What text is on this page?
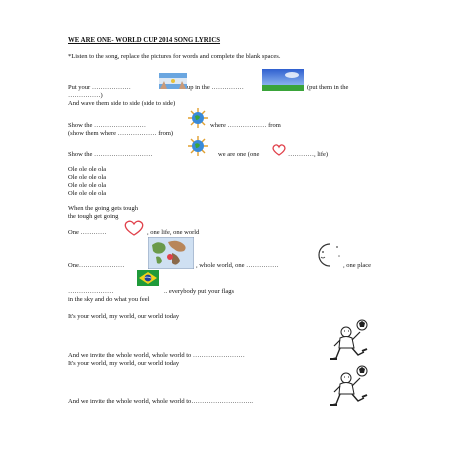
WE ARE ONE- WORLD CUP 2014 SONG LYRICS
*Listen to the song, replace the pictures for words and complete the blank spaces.
Put your ………………	up in the ……………	(put them in the
……………)
And wave them side to side (side to side)
Show the ……………………	where ……………… from
(show them where ……………… from)
Show the ………………………	we are one (one	…………, life)
Ole ole ole ola
Ole ole ole ola
Ole ole ole ola
Ole ole ole ola
When the going gets tough
the tough get going
One …………	, one life, one world
One…………………	, whole world, one ……………	, one place
…………………	.. everybody put your flags
in the sky and do what you feel
It's your world, my world, our world today
And we invite the whole world, whole world to ……………………
It's your world, my world, our world today
And we invite the whole world, whole world to………………………..
